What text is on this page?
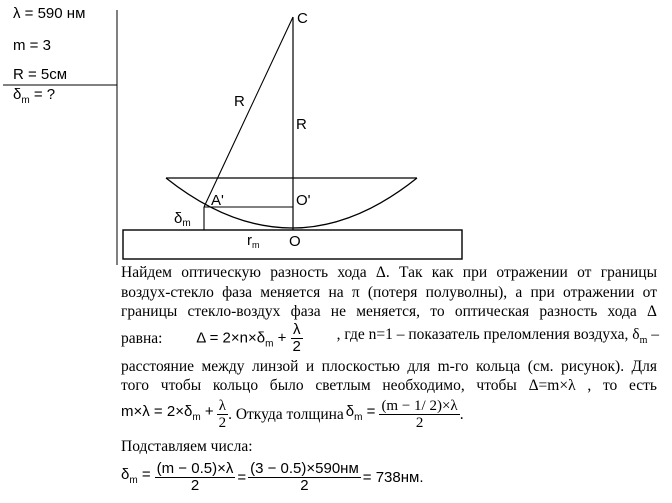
λ = 590 нм
m = 3
R = 5см
$\delta_m$ = ?
C
R
R
A'	O'
O
$\delta_m$
$r_m$
Найдем оптическую разность хода Δ. Так как при отражении от границы
воздух-стекло фаза меняется на π (потеря полуволны), а при отражении от
границы стекло-воздух фаза не меняется, то оптическая разность хода Δ
равна: $\Delta = 2\times n\times\delta_m + \frac{\lambda}{2}$ , где n=1 – показатель преломления воздуха, $\delta_m$ –
расстояние между линзой и плоскостью для m-го кольца (см. рисунок). Для
того чтобы кольцо было светлым необходимо, чтобы Δ=m×λ , то есть
$m\times\lambda = 2\times\delta_m + \frac{\lambda}{2}$ . Откуда толщина $\delta_m = \frac{(m - 1/ 2)\times\lambda}{2}$ .
Подставляем числа:
$\delta_m = \frac{(m - 0.5)\times\lambda}{2} = \frac{(3 - 0.5)\times 590нм}{2} = 738нм$.
